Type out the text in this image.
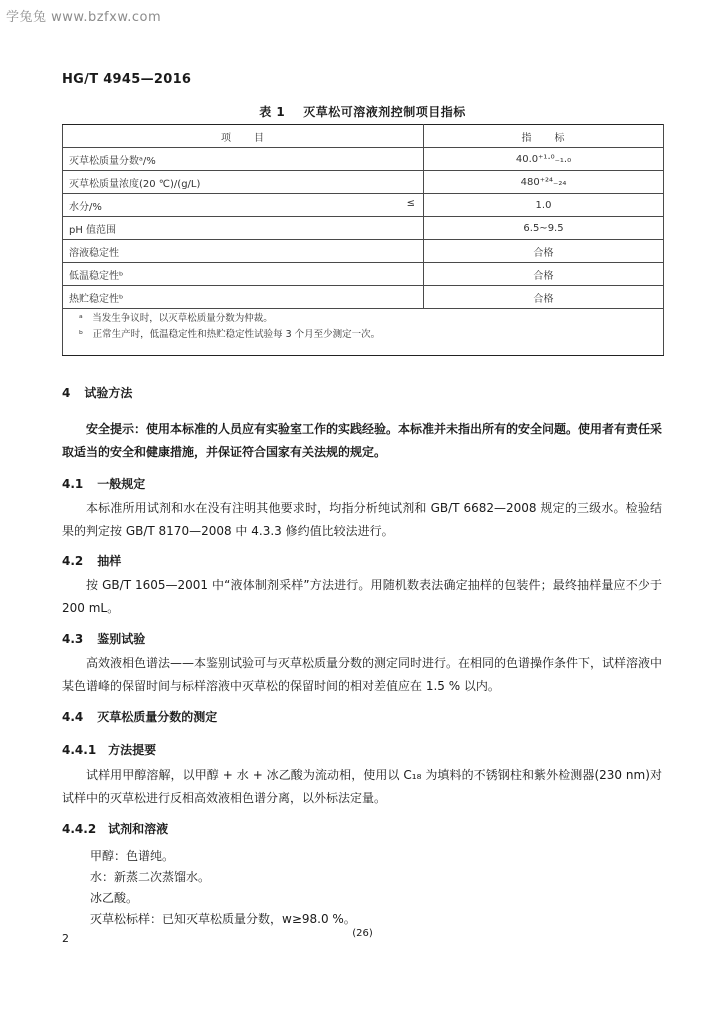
学兔兔 www.bzfxw.com
HG/T 4945—2016
表 1 灭草松可溶液剂控制项目指标
项　　目	指　　标
灭草松质量分数ᵃ/%	40.0⁺¹·⁰₋₁.₀
灭草松质量浓度(20 ℃)/(g/L)	480⁺²⁴₋₂₄
水分/% ≤	1.0
pH 值范围	6.5~9.5
溶液稳定性	合格
低温稳定性ᵇ	合格
热贮稳定性ᵇ	合格

ᵃ　当发生争议时，以灭草松质量分数为仲裁。
ᵇ　正常生产时，低温稳定性和热贮稳定性试验每 3 个月至少测定一次。	
4 试验方法
安全提示：使用本标准的人员应有实验室工作的实践经验。本标准并未指出所有的安全问题。使用者有责任采取适当的安全和健康措施，并保证符合国家有关法规的规定。
4.1 一般规定
本标准所用试剂和水在没有注明其他要求时，均指分析纯试剂和 GB/T 6682—2008 规定的三级水。检验结果的判定按 GB/T 8170—2008 中 4.3.3 修约值比较法进行。
4.2 抽样
按 GB/T 1605—2001 中“液体制剂采样”方法进行。用随机数表法确定抽样的包装件；最终抽样量应不少于 200 mL。
4.3 鉴别试验
高效液相色谱法——本鉴别试验可与灭草松质量分数的测定同时进行。在相同的色谱操作条件下，试样溶液中某色谱峰的保留时间与标样溶液中灭草松的保留时间的相对差值应在 1.5 % 以内。
4.4 灭草松质量分数的测定
4.4.1 方法提要
试样用甲醇溶解，以甲醇 + 水 + 冰乙酸为流动相，使用以 C₁₈ 为填料的不锈钢柱和紫外检测器(230 nm)对试样中的灭草松进行反相高效液相色谱分离，以外标法定量。
4.4.2 试剂和溶液
甲醇：色谱纯。
水：新蒸二次蒸馏水。
冰乙酸。
灭草松标样：已知灭草松质量分数，w≥98.0 %。
2	(26)
